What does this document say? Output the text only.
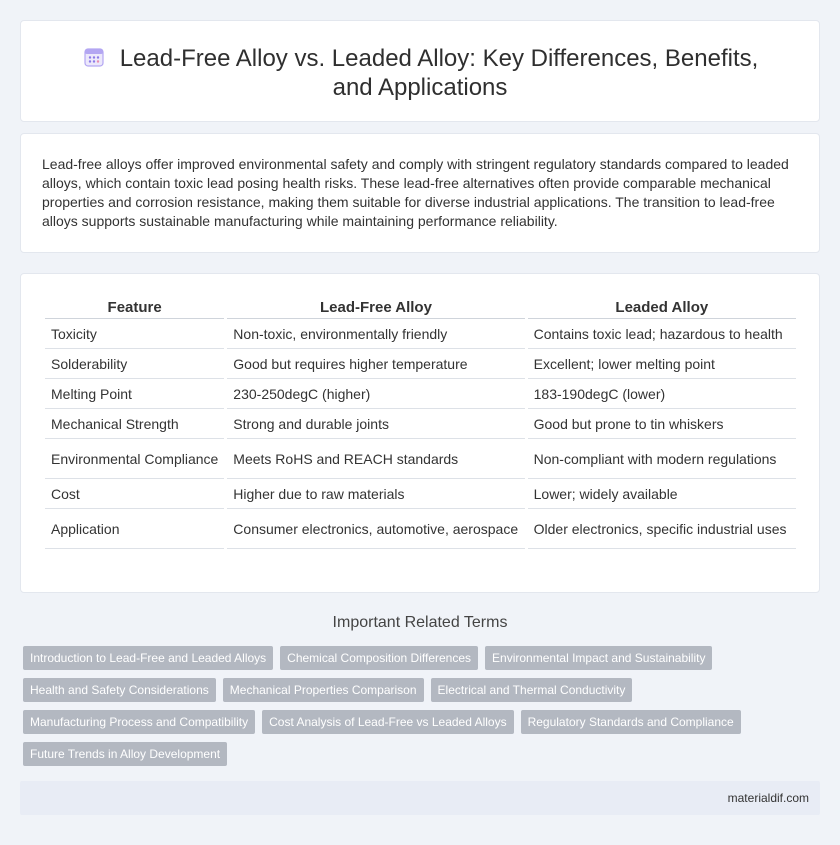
Lead-Free Alloy vs. Leaded Alloy: Key Differences, Benefits, and Applications

Lead-free alloys offer improved environmental safety and comply with stringent regulatory standards compared to leaded alloys, which contain toxic lead posing health risks. These lead-free alternatives often provide comparable mechanical properties and corrosion resistance, making them suitable for diverse industrial applications. The transition to lead-free alloys supports sustainable manufacturing while maintaining performance reliability.

Feature	Lead-Free Alloy	Leaded Alloy
Toxicity	Non-toxic, environmentally friendly	Contains toxic lead; hazardous to health
Solderability	Good but requires higher temperature	Excellent; lower melting point
Melting Point	230-250degC (higher)	183-190degC (lower)
Mechanical Strength	Strong and durable joints	Good but prone to tin whiskers
Environmental Compliance	Meets RoHS and REACH standards	Non-compliant with modern regulations
Cost	Higher due to raw materials	Lower; widely available
Application	Consumer electronics, automotive, aerospace	Older electronics, specific industrial uses
Important Related Terms
Introduction to Lead-Free and Leaded Alloys	Chemical Composition Differences	Environmental Impact and Sustainability
Health and Safety Considerations	Mechanical Properties Comparison	Electrical and Thermal Conductivity
Manufacturing Process and Compatibility	Cost Analysis of Lead-Free vs Leaded Alloys	Regulatory Standards and Compliance
Future Trends in Alloy Development
materialdif.com
